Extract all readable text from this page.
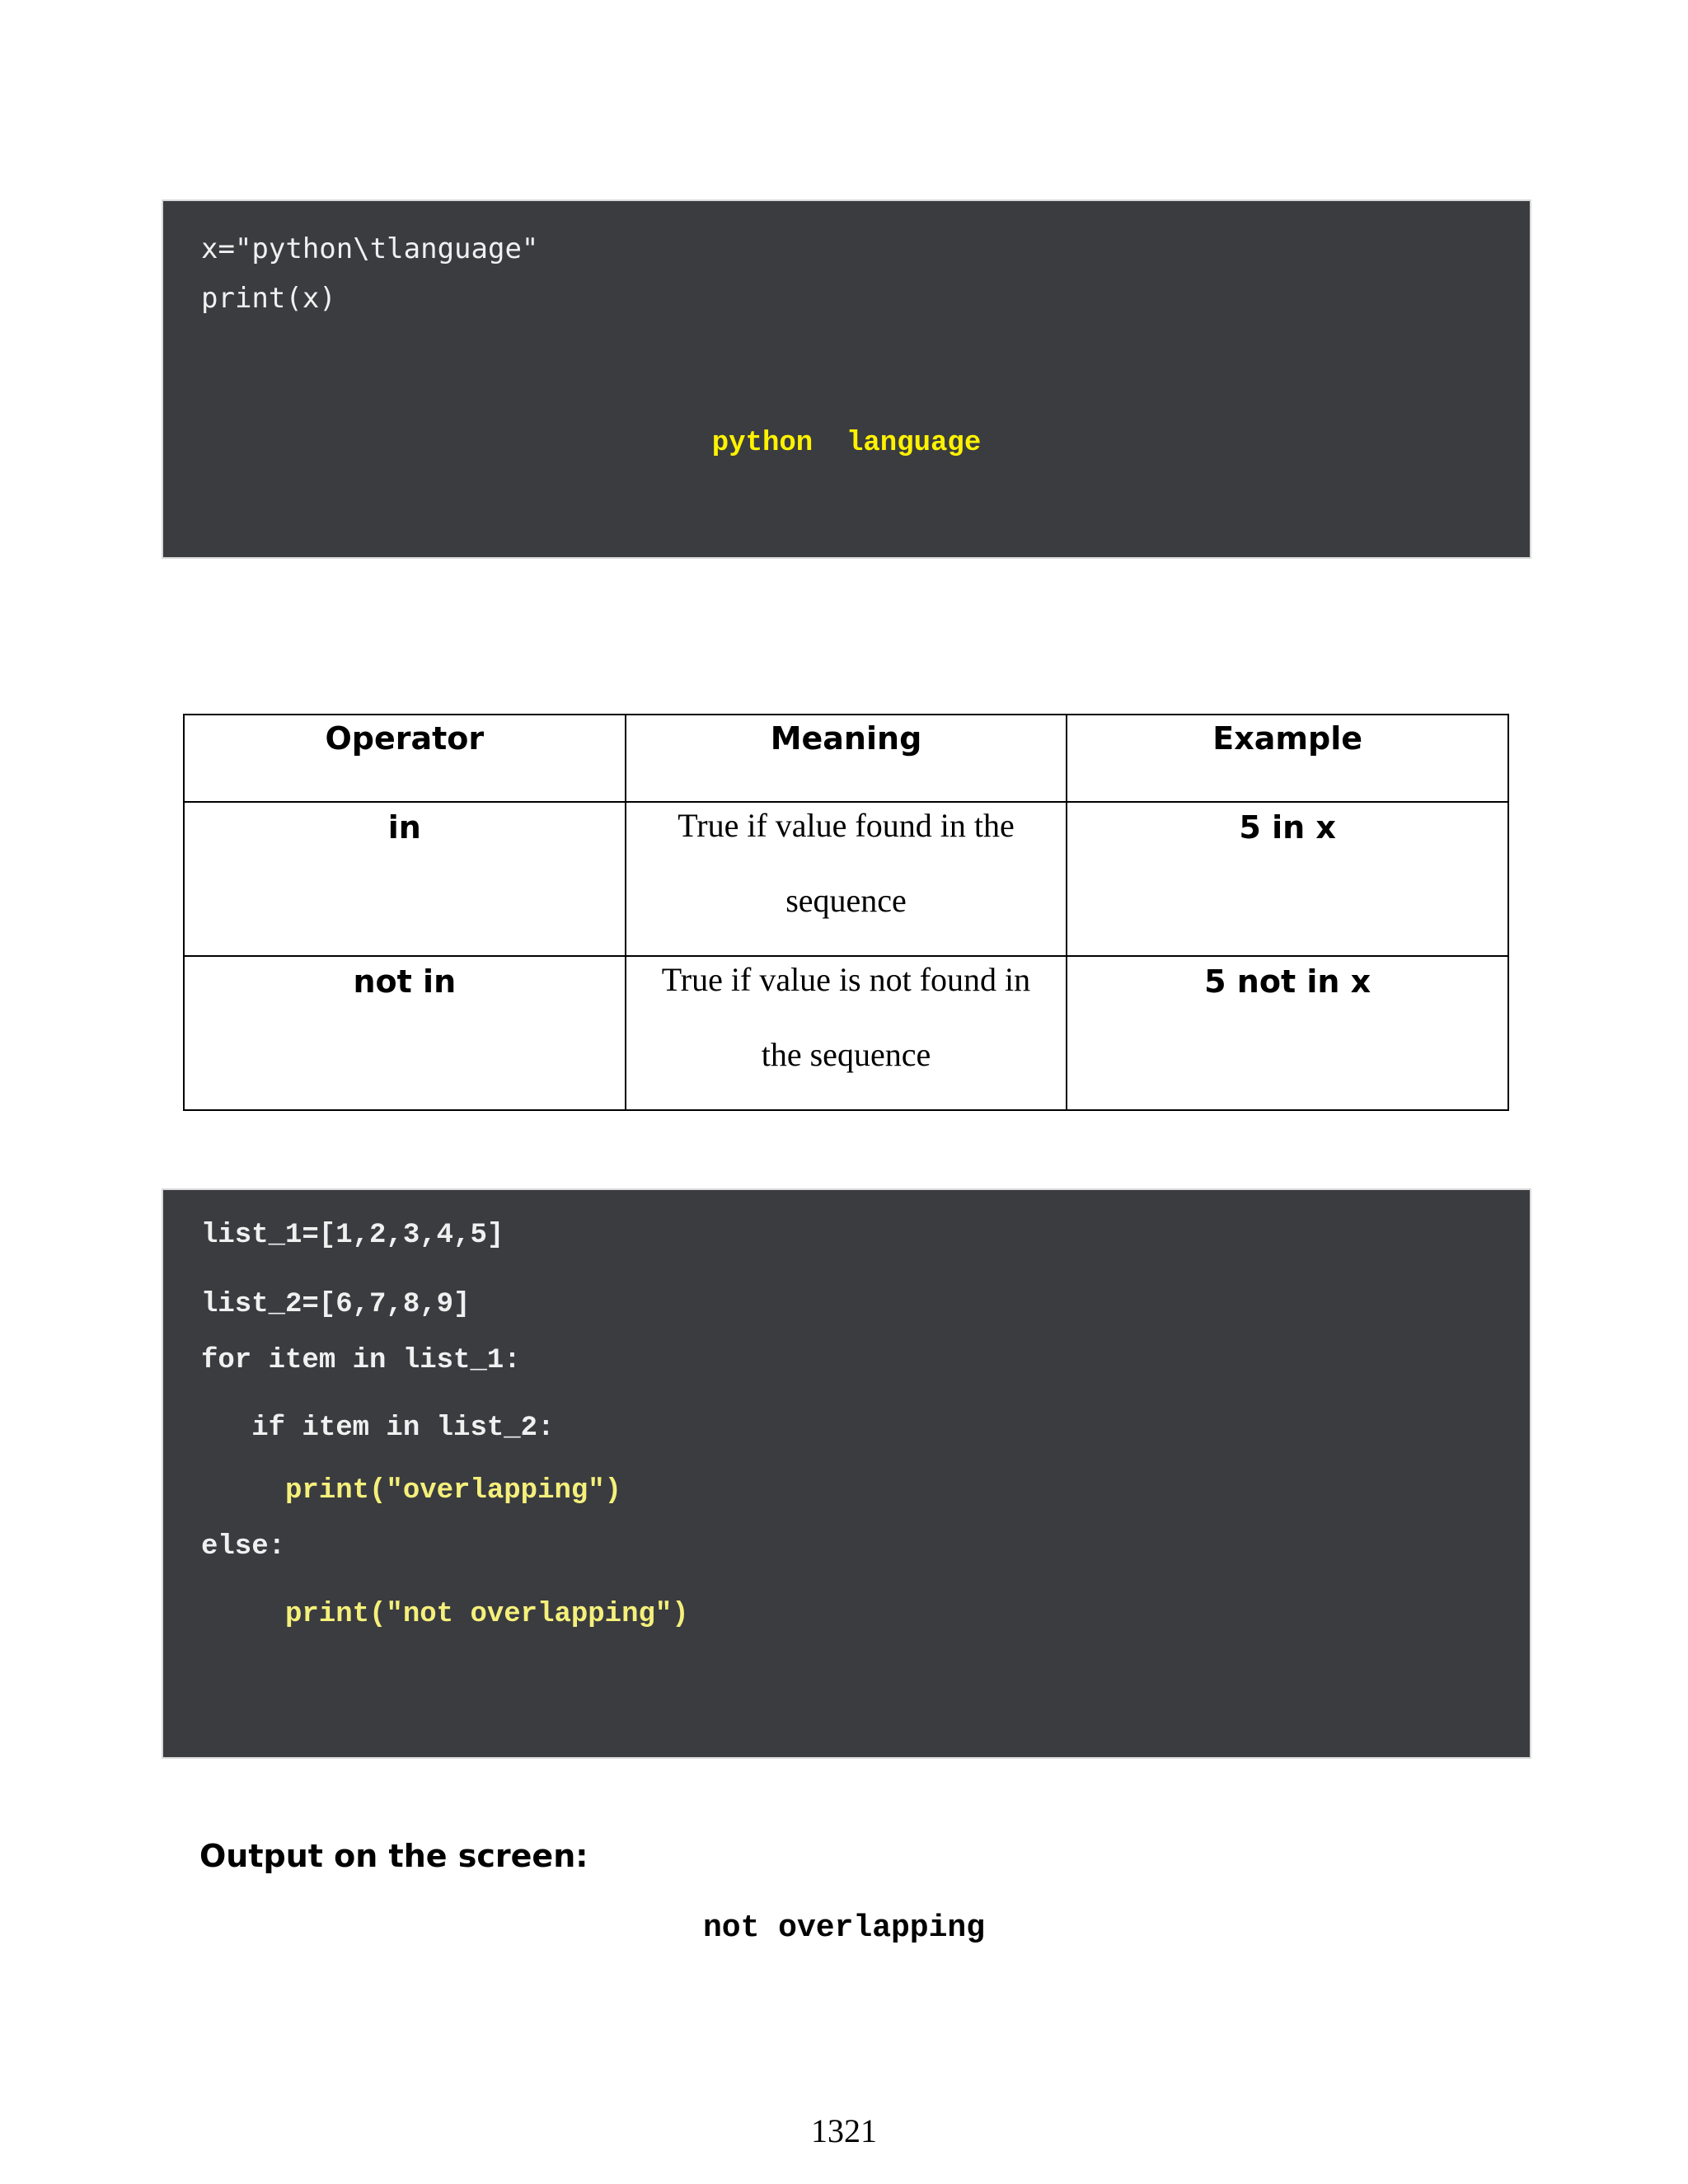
x="python\tlanguage"
print(x)
python  language
Operator	Meaning	Example
in	True if value found in the sequence	5 in x
not in	True if value is not found in the sequence	5 not in x
list_1=[1,2,3,4,5]
list_2=[6,7,8,9]
for item in list_1:
if item in list_2:
print("overlapping")
else:
print("not overlapping")
Output on the screen:
not overlapping
1321
